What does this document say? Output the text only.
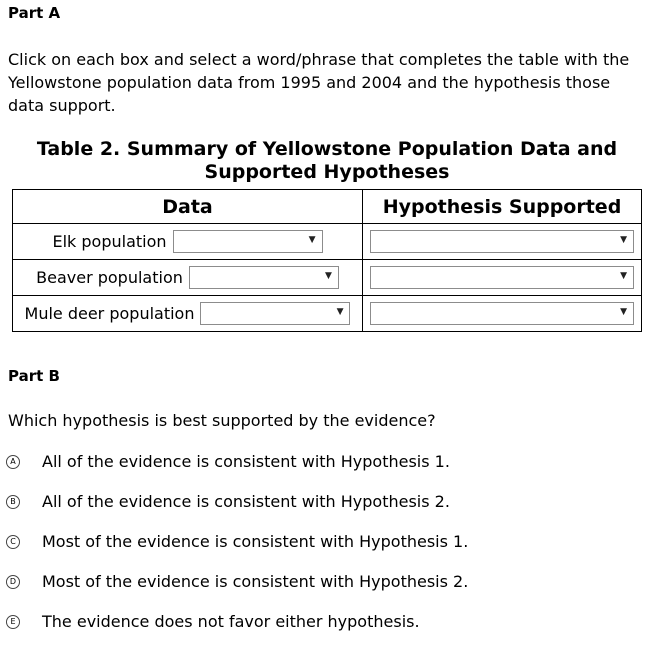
Part A

Click on each box and select a word/phrase that completes the table with the Yellowstone population data from 1995 and 2004 and the hypothesis those data support.

Table 2. Summary of Yellowstone Population Data and
Supported Hypotheses
Data	Hypothesis Supported
Elk population ▼	▼

Beaver population ▼	▼

Mule deer population ▼	▼
Part B

Which hypothesis is best supported by the evidence?

A All of the evidence is consistent with Hypothesis 1.
B All of the evidence is consistent with Hypothesis 2.
C Most of the evidence is consistent with Hypothesis 1.
D Most of the evidence is consistent with Hypothesis 2.
E The evidence does not favor either hypothesis.
